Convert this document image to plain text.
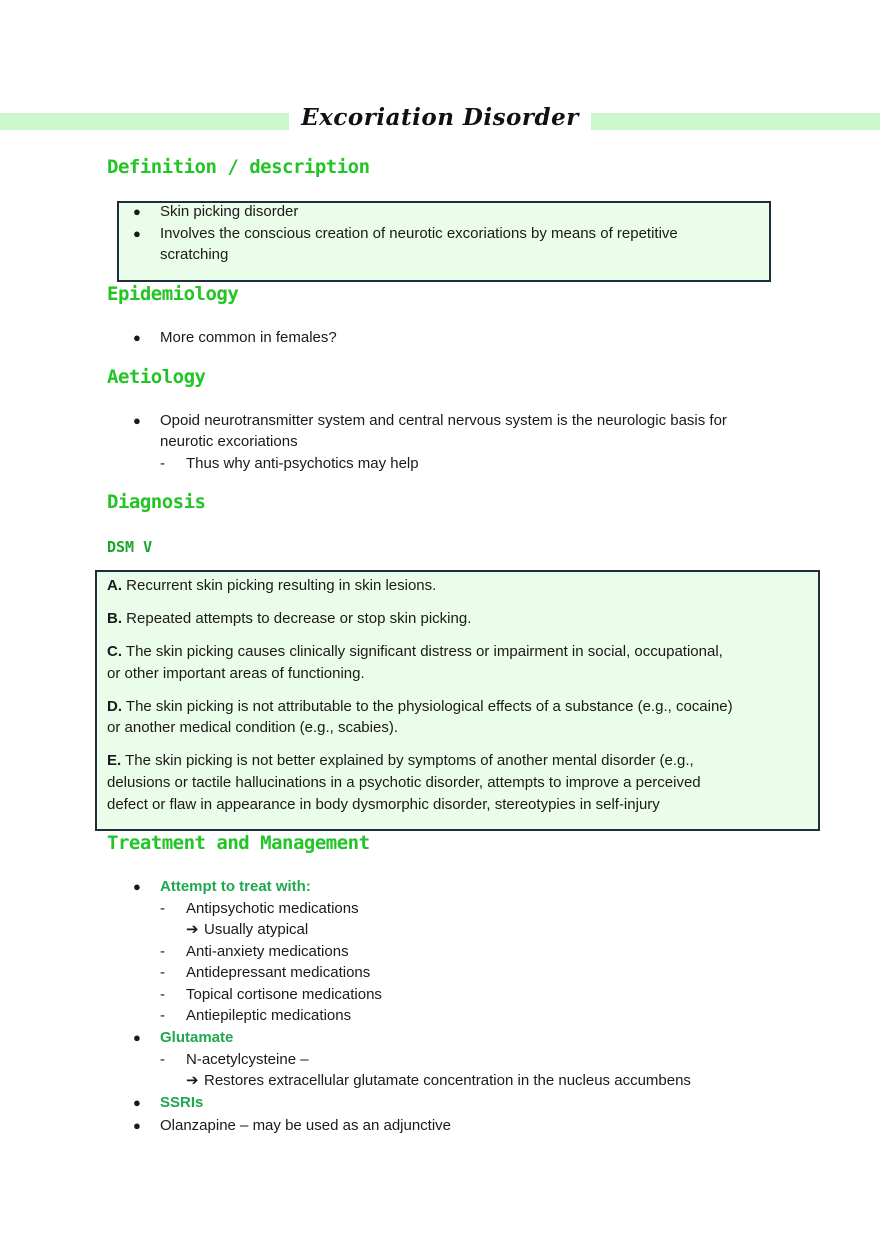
Excoriation Disorder
Definition / description
● Skin picking disorder
● Involves the conscious creation of neurotic excoriations by means of repetitive
scratching
Epidemiology
● More common in females?
Aetiology
● Opoid neurotransmitter system and central nervous system is the neurologic basis for
neurotic excoriations
- Thus why anti-psychotics may help
Diagnosis
DSM V
A. Recurrent skin picking resulting in skin lesions.
B. Repeated attempts to decrease or stop skin picking.
C. The skin picking causes clinically significant distress or impairment in social, occupational,
or other important areas of functioning.
D. The skin picking is not attributable to the physiological effects of a substance (e.g., cocaine)
or another medical condition (e.g., scabies).
E. The skin picking is not better explained by symptoms of another mental disorder (e.g.,
delusions or tactile hallucinations in a psychotic disorder, attempts to improve a perceived
defect or flaw in appearance in body dysmorphic disorder, stereotypies in self-injury
Treatment and Management
● Attempt to treat with:
- Antipsychotic medications
➔ Usually atypical
- Anti-anxiety medications
- Antidepressant medications
- Topical cortisone medications
- Antiepileptic medications
● Glutamate
- N-acetylcysteine –
➔ Restores extracellular glutamate concentration in the nucleus accumbens
● SSRIs
● Olanzapine – may be used as an adjunctive
